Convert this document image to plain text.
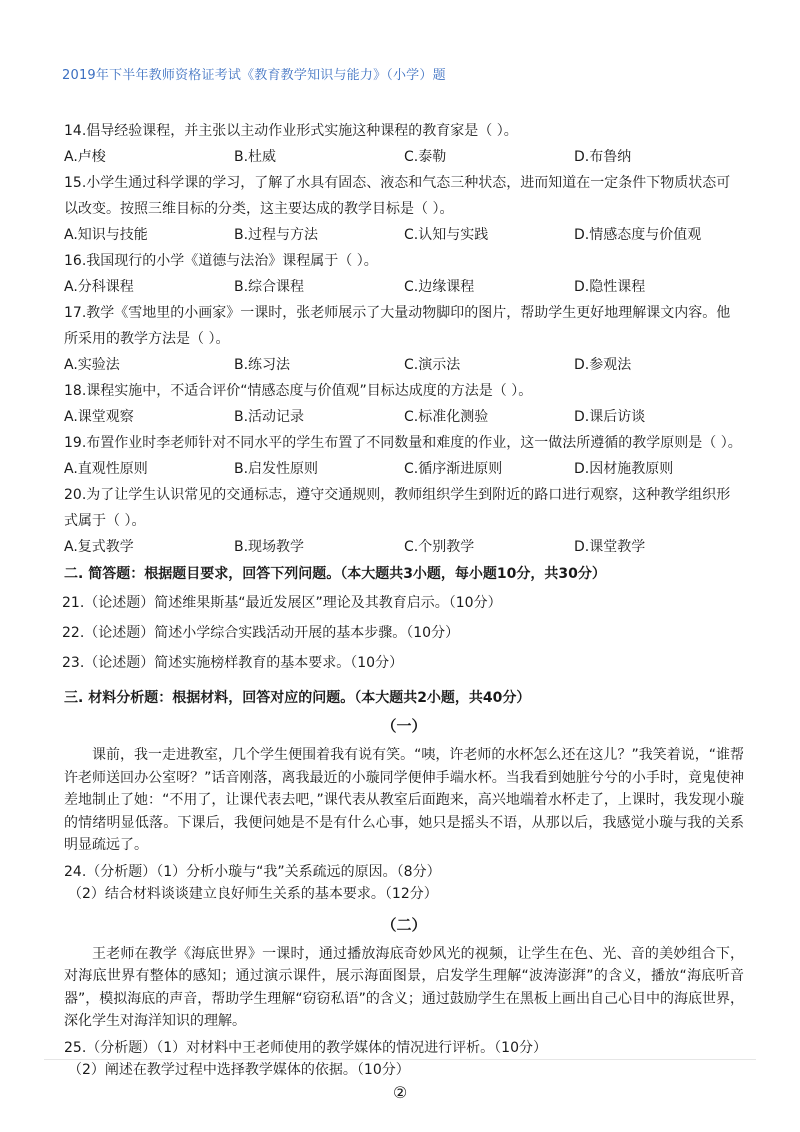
2019年下半年教师资格证考试《教育教学知识与能力》（小学）题
14.倡导经验课程，并主张以主动作业形式实施这种课程的教育家是（ ）。
A.卢梭	B.杜威	C.泰勒	D.布鲁纳
15.小学生通过科学课的学习，了解了水具有固态、液态和气态三种状态，进而知道在一定条件下物质状态可以改变。按照三维目标的分类，这主要达成的教学目标是（ ）。
A.知识与技能	B.过程与方法	C.认知与实践	D.情感态度与价值观
16.我国现行的小学《道德与法治》课程属于（ ）。
A.分科课程	B.综合课程	C.边缘课程	D.隐性课程
17.教学《雪地里的小画家》一课时，张老师展示了大量动物脚印的图片，帮助学生更好地理解课文内容。他所采用的教学方法是（ ）。
A.实验法	B.练习法	C.演示法	D.参观法
18.课程实施中，不适合评价“情感态度与价值观”目标达成度的方法是（ ）。
A.课堂观察	B.活动记录	C.标准化测验	D.课后访谈
19.布置作业时李老师针对不同水平的学生布置了不同数量和难度的作业，这一做法所遵循的教学原则是（ ）。
A.直观性原则	B.启发性原则	C.循序渐进原则	D.因材施教原则
20.为了让学生认识常见的交通标志，遵守交通规则，教师组织学生到附近的路口进行观察，这种教学组织形式属于（ ）。
A.复式教学	B.现场教学	C.个别教学	D.课堂教学
二. 简答题：根据题目要求，回答下列问题。（本大题共3小题，每小题10分，共30分）
21.（论述题）简述维果斯基“最近发展区”理论及其教育启示。（10分）
22.（论述题）简述小学综合实践活动开展的基本步骤。（10分）
23.（论述题）简述实施榜样教育的基本要求。（10分）
三. 材料分析题：根据材料，回答对应的问题。（本大题共2小题，共40分）
（一）
课前，我一走进教室，几个学生便围着我有说有笑。“咦，许老师的水杯怎么还在这儿？”我笑着说，“谁帮许老师送回办公室呀？”话音刚落，离我最近的小璇同学便伸手端水杯。当我看到她脏兮兮的小手时，竟鬼使神差地制止了她：“不用了，让课代表去吧，”课代表从教室后面跑来，高兴地端着水杯走了，上课时，我发现小璇的情绪明显低落。下课后，我便问她是不是有什么心事，她只是摇头不语，从那以后，我感觉小璇与我的关系明显疏远了。
24.（分析题）（1）分析小璇与“我”关系疏远的原因。（8分）
（2）结合材料谈谈建立良好师生关系的基本要求。（12分）
（二）
王老师在教学《海底世界》一课时，通过播放海底奇妙风光的视频，让学生在色、光、音的美妙组合下，对海底世界有整体的感知；通过演示课件，展示海面图景，启发学生理解“波涛澎湃”的含义，播放“海底听音器”，模拟海底的声音，帮助学生理解“窃窃私语”的含义；通过鼓励学生在黑板上画出自己心目中的海底世界，深化学生对海洋知识的理解。
25.（分析题）（1）对材料中王老师使用的教学媒体的情况进行评析。（10分）
（2）阐述在教学过程中选择教学媒体的依据。（10分）
②
